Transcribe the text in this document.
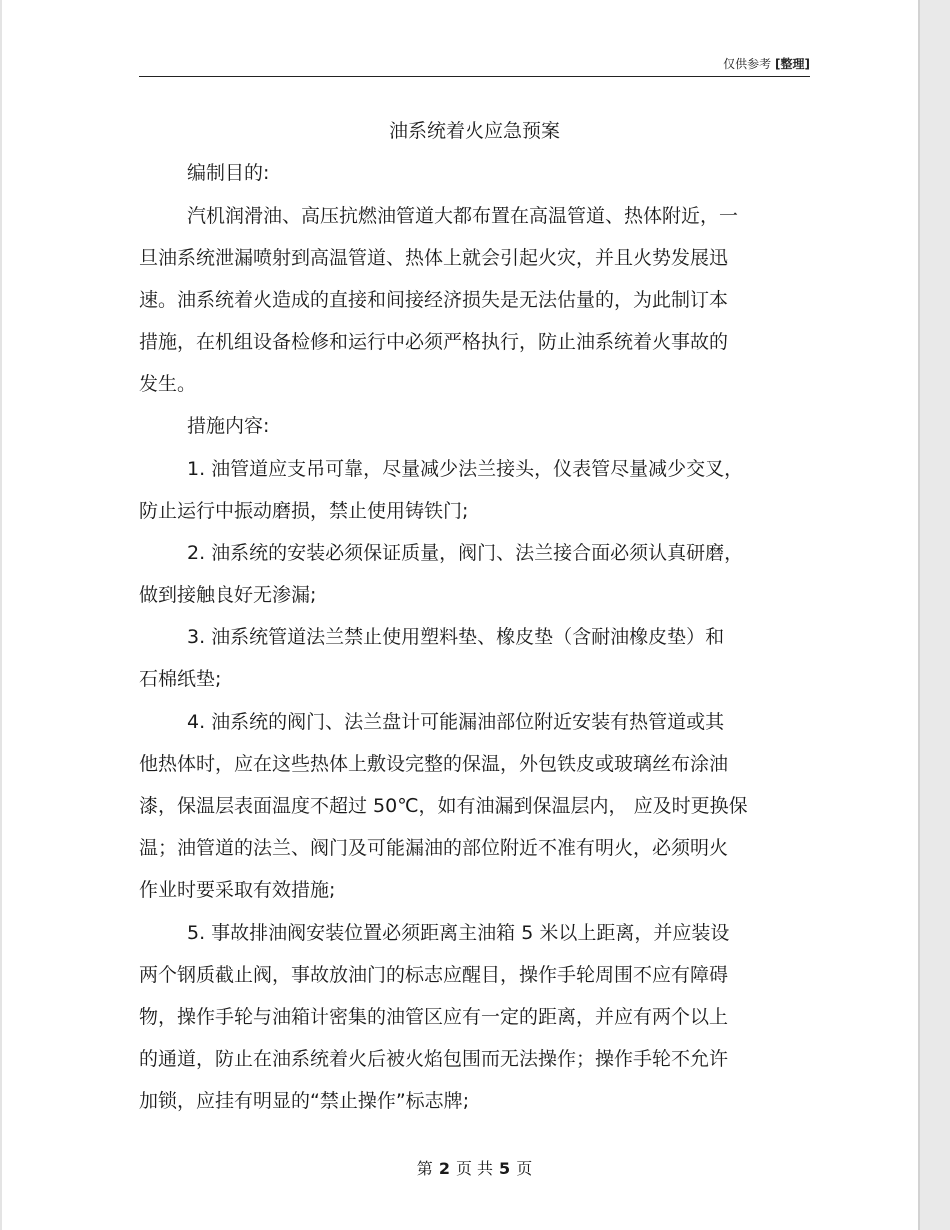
仅供参考 [整理]
油系统着火应急预案
编制目的:
汽机润滑油、高压抗燃油管道大都布置在高温管道、热体附近，一
旦油系统泄漏喷射到高温管道、热体上就会引起火灾，并且火势发展迅
速。油系统着火造成的直接和间接经济损失是无法估量的，为此制订本
措施，在机组设备检修和运行中必须严格执行，防止油系统着火事故的
发生。
措施内容:
1. 油管道应支吊可靠，尽量减少法兰接头，仪表管尽量减少交叉，
防止运行中振动磨损，禁止使用铸铁门;
2. 油系统的安装必须保证质量，阀门、法兰接合面必须认真研磨，
做到接触良好无渗漏;
3. 油系统管道法兰禁止使用塑料垫、橡皮垫（含耐油橡皮垫）和
石棉纸垫;
4. 油系统的阀门、法兰盘计可能漏油部位附近安装有热管道或其
他热体时，应在这些热体上敷设完整的保温，外包铁皮或玻璃丝布涂油
漆，保温层表面温度不超过 50℃，如有油漏到保温层内， 应及时更换保
温；油管道的法兰、阀门及可能漏油的部位附近不准有明火，必须明火
作业时要采取有效措施;
5. 事故排油阀安装位置必须距离主油箱 5 米以上距离，并应装设
两个钢质截止阀，事故放油门的标志应醒目，操作手轮周围不应有障碍
物，操作手轮与油箱计密集的油管区应有一定的距离，并应有两个以上
的通道，防止在油系统着火后被火焰包围而无法操作；操作手轮不允许
加锁，应挂有明显的“禁止操作”标志牌;
第 2 页 共 5 页
